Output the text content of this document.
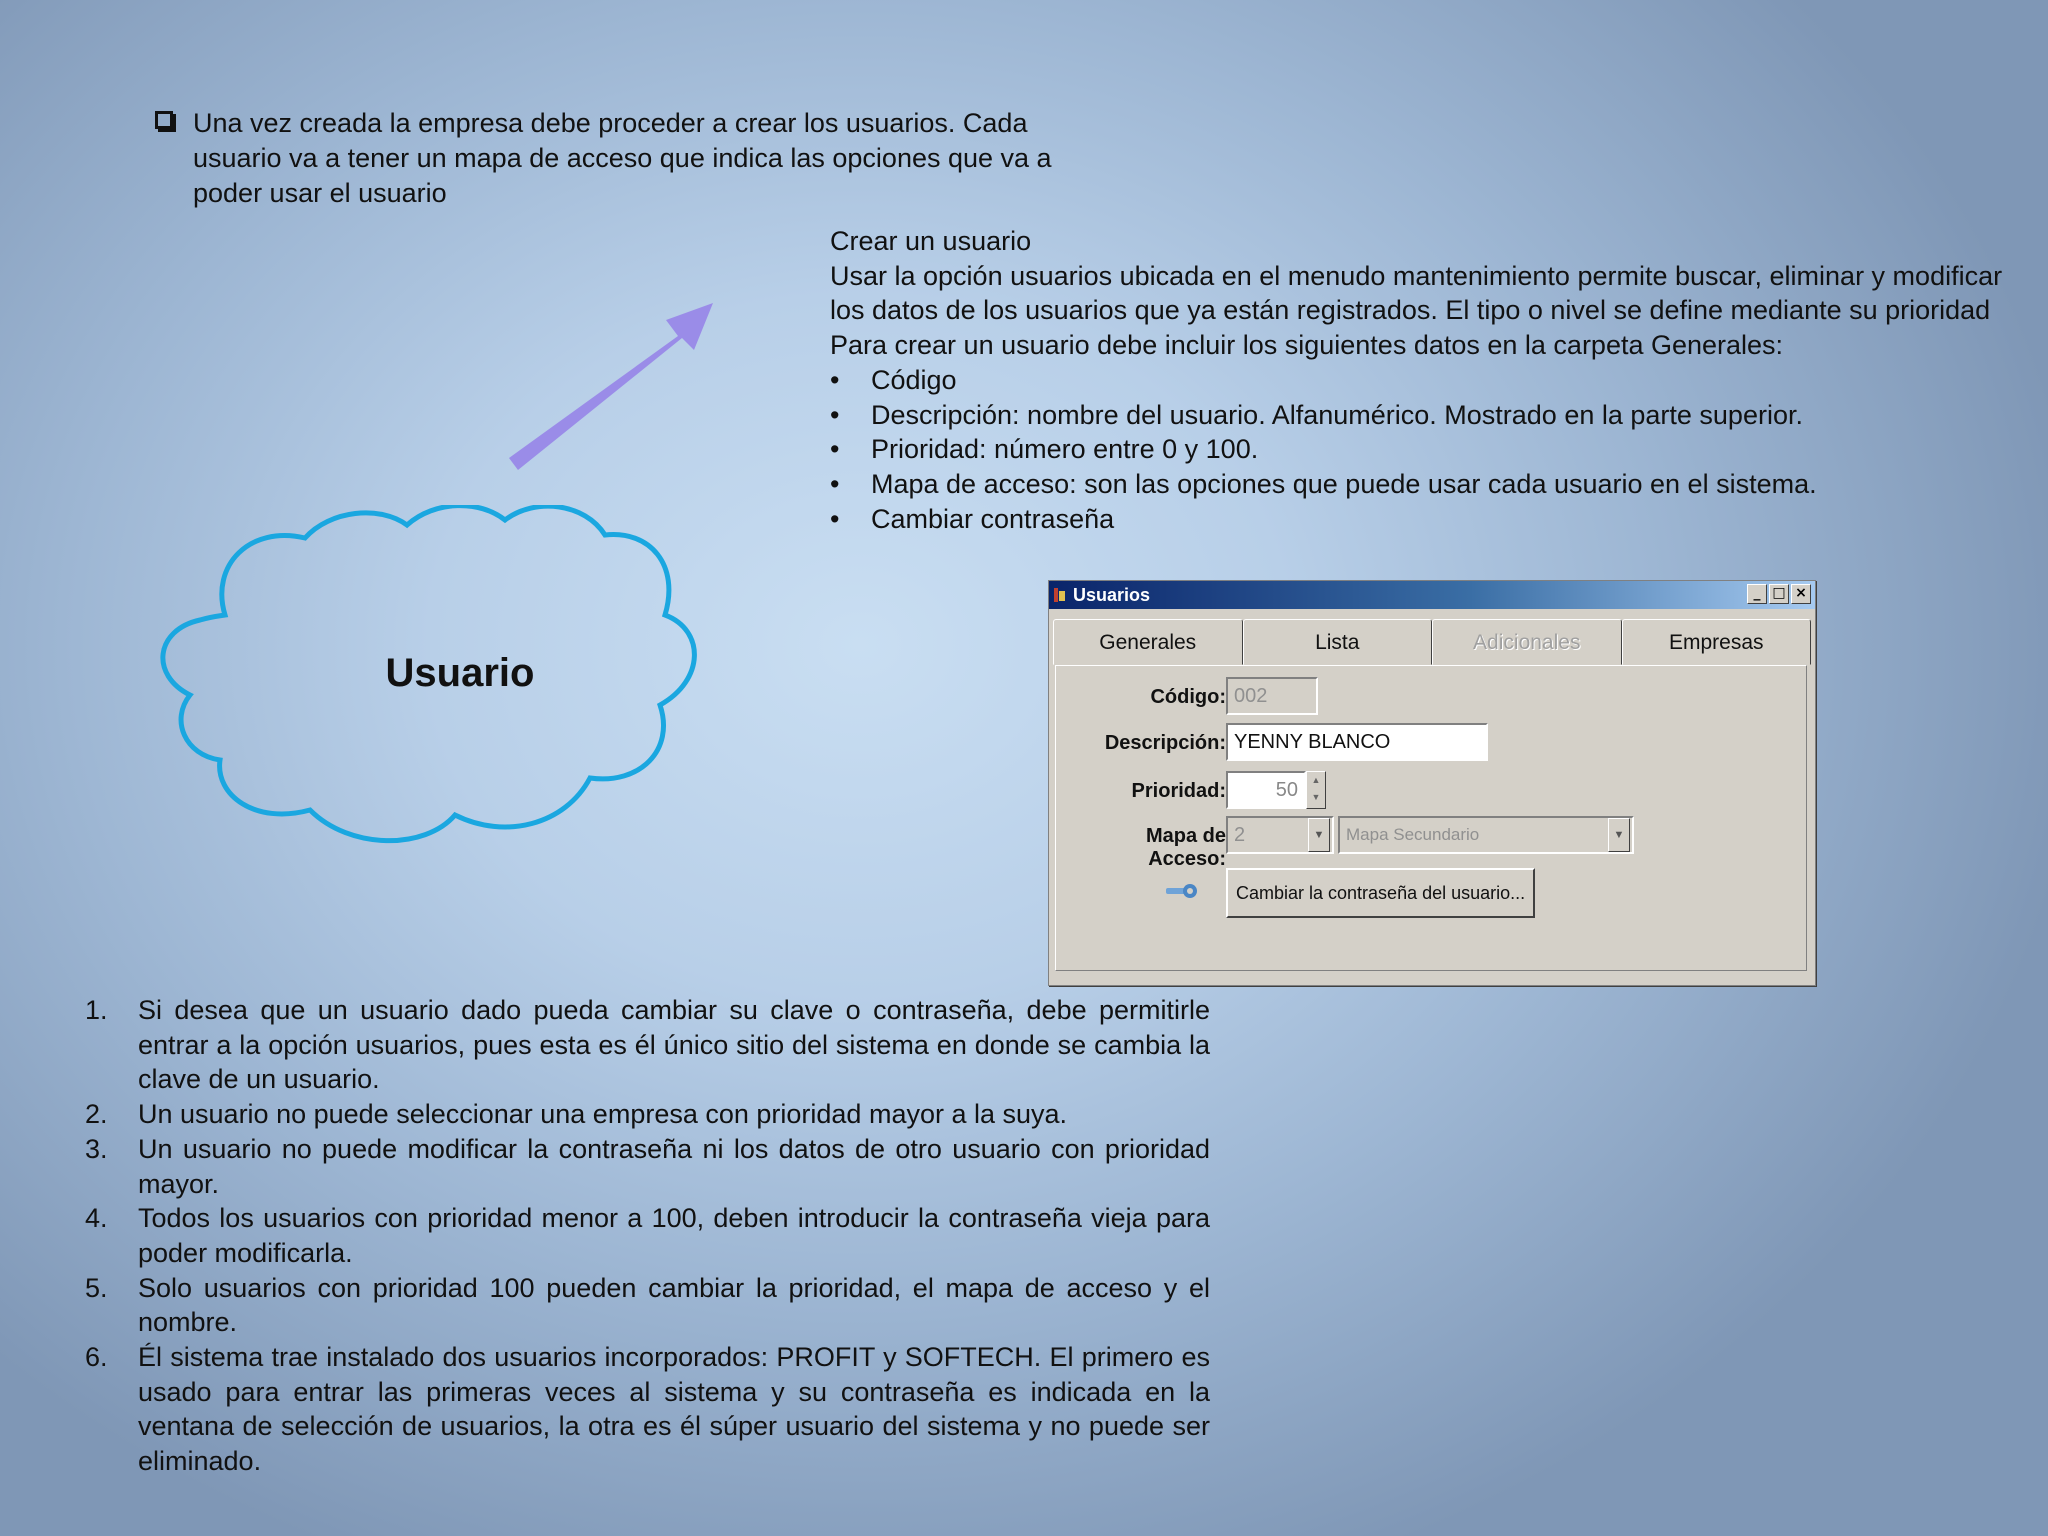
Una vez creada la empresa debe proceder a crear los usuarios. Cada usuario va a tener un mapa de acceso que indica las opciones que va a poder usar el usuario
Usuario

Crear un usuario

Usar la opción usuarios ubicada en el menudo mantenimiento permite buscar, eliminar y modificar los datos de los usuarios que ya están registrados. El tipo o nivel se define mediante su prioridad

Para crear un usuario debe incluir los siguientes datos en la carpeta Generales:

• Código
• Descripción: nombre del usuario. Alfanumérico. Mostrado en la parte superior.
• Prioridad: número entre 0 y 100.
• Mapa de acceso: son las opciones que puede usar cada usuario en el sistema.
• Cambiar contraseña
Usuarios	_ □ ×
Generales	Lista	Adicionales	Empresas
Código: 002
Descripción: YENNY BLANCO
Prioridad:	50	▲
▼
Mapa de Acceso:
2	▼	Mapa Secundario	▼
Cambiar la contraseña del usuario...
1. Si desea que un usuario dado pueda cambiar su clave o contraseña, debe permitirle entrar a la opción usuarios, pues esta es él único sitio del sistema en donde se cambia la clave de un usuario.
2. Un usuario no puede seleccionar una empresa con prioridad mayor a la suya.
3. Un usuario no puede modificar la contraseña ni los datos de otro usuario con prioridad mayor.
4. Todos los usuarios con prioridad menor a 100, deben introducir la contraseña vieja para poder modificarla.
5. Solo usuarios con prioridad 100 pueden cambiar la prioridad, el mapa de acceso y el nombre.
6. Él sistema trae instalado dos usuarios incorporados: PROFIT y SOFTECH. El primero es usado para entrar las primeras veces al sistema y su contraseña es indicada en la ventana de selección de usuarios, la otra es él súper usuario del sistema y no puede ser eliminado.
